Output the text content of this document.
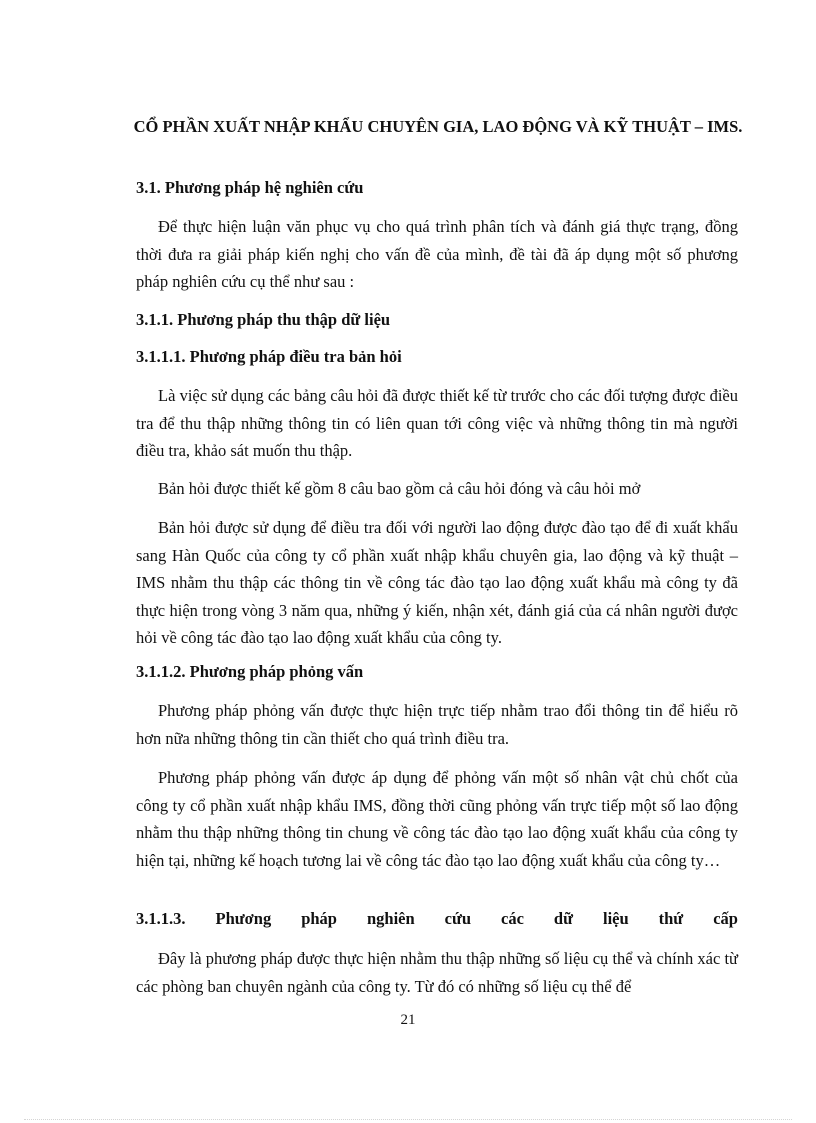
CỔ PHẦN XUẤT NHẬP KHẨU CHUYÊN GIA, LAO ĐỘNG VÀ KỸ THUẬT – IMS.

3.1. Phương pháp hệ nghiên cứu

Để thực hiện luận văn phục vụ cho quá trình phân tích và đánh giá thực trạng, đồng thời đưa ra giải pháp kiến nghị cho vấn đề của mình, đề tài đã áp dụng một số phương pháp nghiên cứu cụ thể như sau :

3.1.1. Phương pháp thu thập dữ liệu

3.1.1.1. Phương pháp điều tra bản hỏi

Là việc sử dụng các bảng câu hỏi đã được thiết kế từ trước cho các đối tượng được điều tra để thu thập những thông tin có liên quan tới công việc và những thông tin mà người điều tra, khảo sát muốn thu thập.

Bản hỏi được thiết kế gồm 8 câu bao gồm cả câu hỏi đóng và câu hỏi mở

Bản hỏi được sử dụng để điều tra đối với người lao động được đào tạo để đi xuất khẩu sang Hàn Quốc của công ty cổ phần xuất nhập khẩu chuyên gia, lao động và kỹ thuật – IMS nhằm thu thập các thông tin về công tác đào tạo lao động xuất khẩu mà công ty đã thực hiện trong vòng 3 năm qua, những ý kiến, nhận xét, đánh giá của cá nhân người được hỏi về công tác đào tạo lao động xuất khẩu của công ty.

3.1.1.2. Phương pháp phỏng vấn

Phương pháp phỏng vấn được thực hiện trực tiếp nhằm trao đổi thông tin để hiểu rõ hơn nữa những thông tin cần thiết cho quá trình điều tra.

Phương pháp phỏng vấn được áp dụng để phỏng vấn một số nhân vật chủ chốt của công ty cổ phần xuất nhập khẩu IMS, đồng thời cũng phỏng vấn trực tiếp một số lao động nhằm thu thập những thông tin chung về công tác đào tạo lao động xuất khẩu của công ty hiện tại, những kế hoạch tương lai về công tác đào tạo lao động xuất khẩu của công ty…

3.1.1.3. Phương pháp nghiên cứu các dữ liệu thứ cấp

Đây là phương pháp được thực hiện nhằm thu thập những số liệu cụ thể và chính xác từ các phòng ban chuyên ngành của công ty. Từ đó có những số liệu cụ thể để

21
